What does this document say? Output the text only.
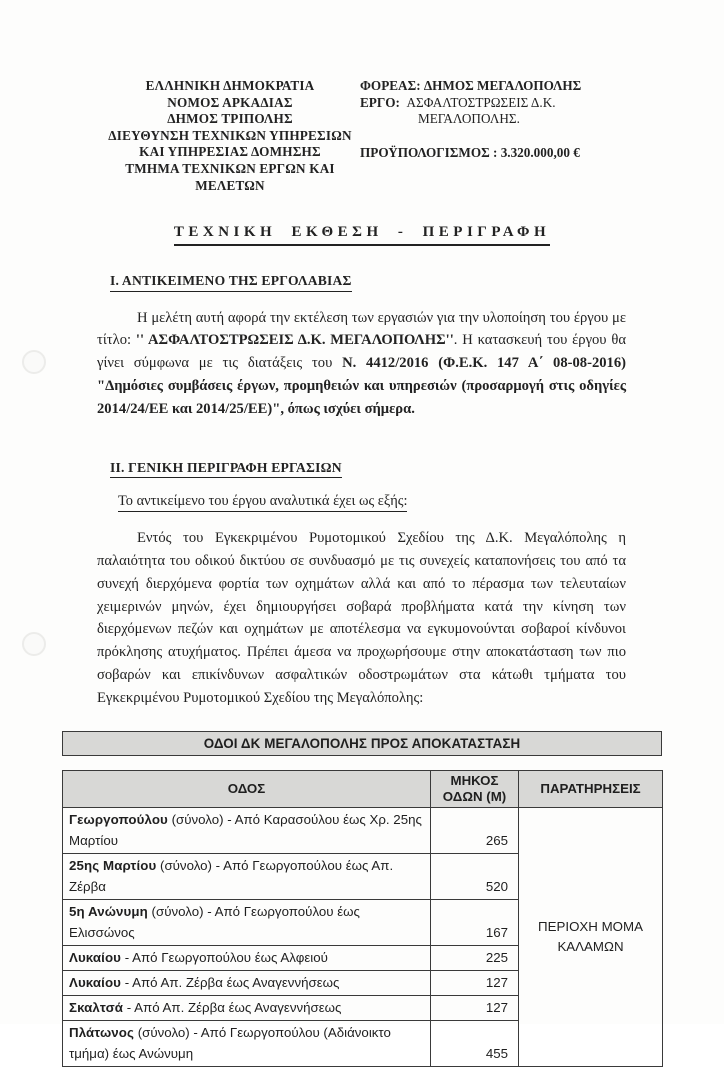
ΕΛΛΗΝΙΚΗ ΔΗΜΟΚΡΑΤΙΑ
ΝΟΜΟΣ ΑΡΚΑΔΙΑΣ
ΔΗΜΟΣ ΤΡΙΠΟΛΗΣ
ΔΙΕΥΘΥΝΣΗ ΤΕΧΝΙΚΩΝ ΥΠΗΡΕΣΙΩΝ
ΚΑΙ ΥΠΗΡΕΣΙΑΣ ΔΟΜΗΣΗΣ
ΤΜΗΜΑ ΤΕΧΝΙΚΩΝ ΕΡΓΩΝ ΚΑΙ
ΜΕΛΕΤΩΝ
ΦΟΡΕΑΣ: ΔΗΜΟΣ ΜΕΓΑΛΟΠΟΛΗΣ
ΕΡΓΟ: ΑΣΦΑΛΤΟΣΤΡΩΣΕΙΣ Δ.Κ.
ΜΕΓΑΛΟΠΟΛΗΣ.
ΠΡΟΫΠΟΛΟΓΙΣΜΟΣ : 3.320.000,00 €
ΤΕΧΝΙΚΗ ΕΚΘΕΣΗ - ΠΕΡΙΓΡΑΦΗ
Ι. ΑΝΤΙΚΕΙΜΕΝΟ ΤΗΣ ΕΡΓΟΛΑΒΙΑΣ

Η μελέτη αυτή αφορά την εκτέλεση των εργασιών για την υλοποίηση του έργου με τίτλο: '' ΑΣΦΑΛΤΟΣΤΡΩΣΕΙΣ Δ.Κ. ΜΕΓΑΛΟΠΟΛΗΣ''. Η κατασκευή του έργου θα γίνει σύμφωνα με τις διατάξεις του Ν. 4412/2016 (Φ.Ε.Κ. 147 Α΄ 08-08-2016) "Δημόσιες συμβάσεις έργων, προμηθειών και υπηρεσιών (προσαρμογή στις οδηγίες 2014/24/ΕΕ και 2014/25/ΕΕ)", όπως ισχύει σήμερα.

ΙΙ. ΓΕΝΙΚΗ ΠΕΡΙΓΡΑΦΗ ΕΡΓΑΣΙΩΝ
Το αντικείμενο του έργου αναλυτικά έχει ως εξής:

Εντός του Εγκεκριμένου Ρυμοτομικού Σχεδίου της Δ.Κ. Μεγαλόπολης η παλαιότητα του οδικού δικτύου σε συνδυασμό με τις συνεχείς καταπονήσεις του από τα συνεχή διερχόμενα φορτία των οχημάτων αλλά και από το πέρασμα των τελευταίων χειμερινών μηνών, έχει δημιουργήσει σοβαρά προβλήματα κατά την κίνηση των διερχόμενων πεζών και οχημάτων με αποτέλεσμα να εγκυμονούνται σοβαροί κίνδυνοι πρόκλησης ατυχήματος. Πρέπει άμεσα να προχωρήσουμε στην αποκατάσταση των πιο σοβαρών και επικίνδυνων ασφαλτικών οδοστρωμάτων στα κάτωθι τμήματα του Εγκεκριμένου Ρυμοτομικού Σχεδίου της Μεγαλόπολης:

ΟΔΟΙ ΔΚ ΜΕΓΑΛΟΠΟΛΗΣ ΠΡΟΣ ΑΠΟΚΑΤΑΣΤΑΣΗ
ΟΔΟΣ	ΜΗΚΟΣ ΟΔΩΝ (Μ)	ΠΑΡΑΤΗΡΗΣΕΙΣ
Γεωργοπούλου (σύνολο) - Από Καρασούλου έως Χρ. 25ης Μαρτίου	265	ΠΕΡΙΟΧΗ ΜΟΜΑ ΚΑΛΑΜΩΝ
25ης Μαρτίου (σύνολο) - Από Γεωργοπούλου έως Απ. Ζέρβα	520	
5η Ανώνυμη (σύνολο) - Από Γεωργοπούλου έως Ελισσώνος	167	
Λυκαίου - Από Γεωργοπούλου έως Αλφειού	225	
Λυκαίου - Από Απ. Ζέρβα έως Αναγεννήσεως	127	
Σκαλτσά - Από Απ. Ζέρβα έως Αναγεννήσεως	127	
Πλάτωνος (σύνολο) - Από Γεωργοπούλου (Αδιάνοικτο τμήμα) έως Ανώνυμη	455	
